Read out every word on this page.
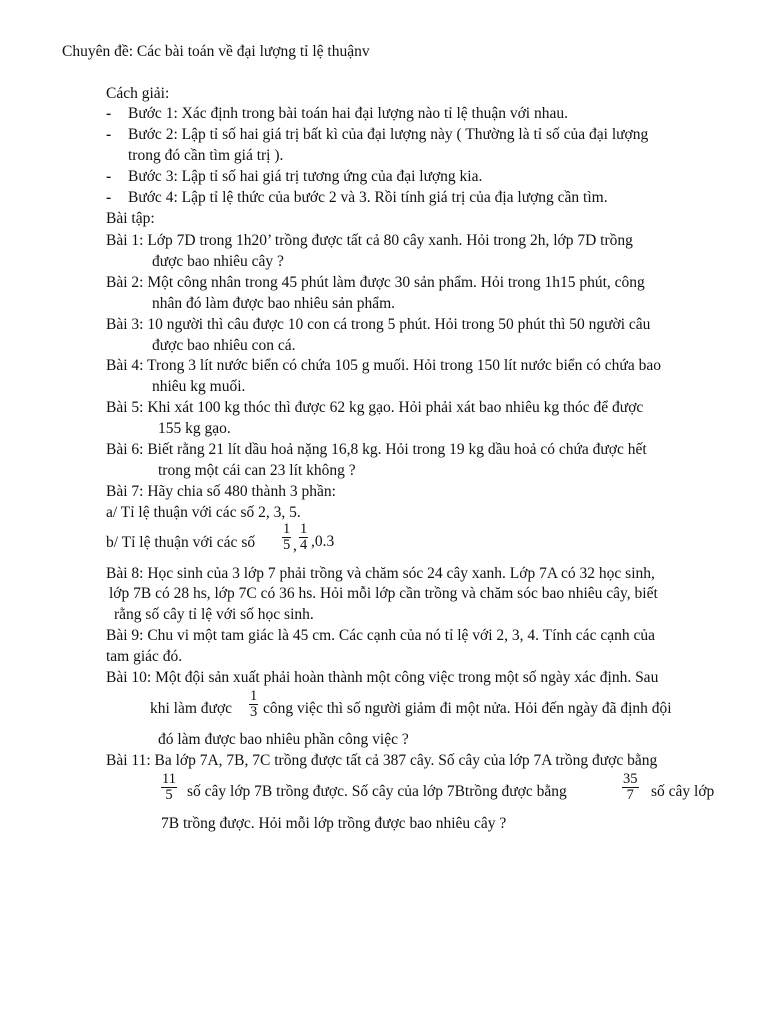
Chuyên đề: Các bài toán về đại lượng tỉ lệ thuậnv
Cách giải:
- Bước 1: Xác định trong bài toán hai đại lượng nào tỉ lệ thuận với nhau.
- Bước 2: Lập tỉ số hai giá trị bất kì của đại lượng này ( Thường là tỉ số của đại lượng
trong đó cần tìm giá trị ).
- Bước 3: Lập tỉ số hai giá trị tương ứng của đại lượng kia.
- Bước 4: Lập tỉ lệ thức của bước 2 và 3. Rồi tính giá trị của địa lượng cần tìm.
Bài tập:
Bài 1: Lớp 7D trong 1h20’ trồng được tất cả 80 cây xanh. Hỏi trong 2h, lớp 7D trồng
được bao nhiêu cây ?
Bài 2: Một công nhân trong 45 phút làm được 30 sản phẩm. Hỏi trong 1h15 phút, công
nhân đó làm được bao nhiêu sản phẩm.
Bài 3: 10 người thì câu được 10 con cá trong 5 phút. Hỏi trong 50 phút thì 50 người câu
được bao nhiêu con cá.
Bài 4: Trong 3 lít nước biển có chứa 105 g muối. Hỏi trong 150 lít nước biển có chứa bao
nhiêu kg muối.
Bài 5: Khi xát 100 kg thóc thì được 62 kg gạo. Hỏi phải xát bao nhiêu kg thóc để được
155 kg gạo.
Bài 6: Biết rằng 21 lít dầu hoả nặng 16,8 kg. Hỏi trong 19 kg dầu hoả có chứa được hết
trong một cái can 23 lít không ?
Bài 7: Hãy chia số 480 thành 3 phần:
a/ Tỉ lệ thuận với các số 2, 3, 5.
b/ Tỉ lệ thuận với các số
1
5 ,
1
4 ,0.3
Bài 8: Học sinh của 3 lớp 7 phải trồng và chăm sóc 24 cây xanh. Lớp 7A có 32 học sinh,
lớp 7B có 28 hs, lớp 7C có 36 hs. Hỏi mỗi lớp cần trồng và chăm sóc bao nhiêu cây, biết
rằng số cây tỉ lệ với số học sinh.
Bài 9: Chu vi một tam giác là 45 cm. Các cạnh của nó tỉ lệ với 2, 3, 4. Tính các cạnh của
tam giác đó.
Bài 10: Một đội sản xuất phải hoàn thành một công việc trong một số ngày xác định. Sau
khi làm được
1
3 công việc thì số người giảm đi một nửa. Hỏi đến ngày đã định đội
đó làm được bao nhiêu phần công việc ?
Bài 11: Ba lớp 7A, 7B, 7C trồng được tất cả 387 cây. Số cây của lớp 7A trồng được bằng
11
5 số cây lớp 7B trồng được. Số cây của lớp 7Btrồng được bằng
35
7 số cây lớp
7B trồng được. Hỏi mỗi lớp trồng được bao nhiêu cây ?
